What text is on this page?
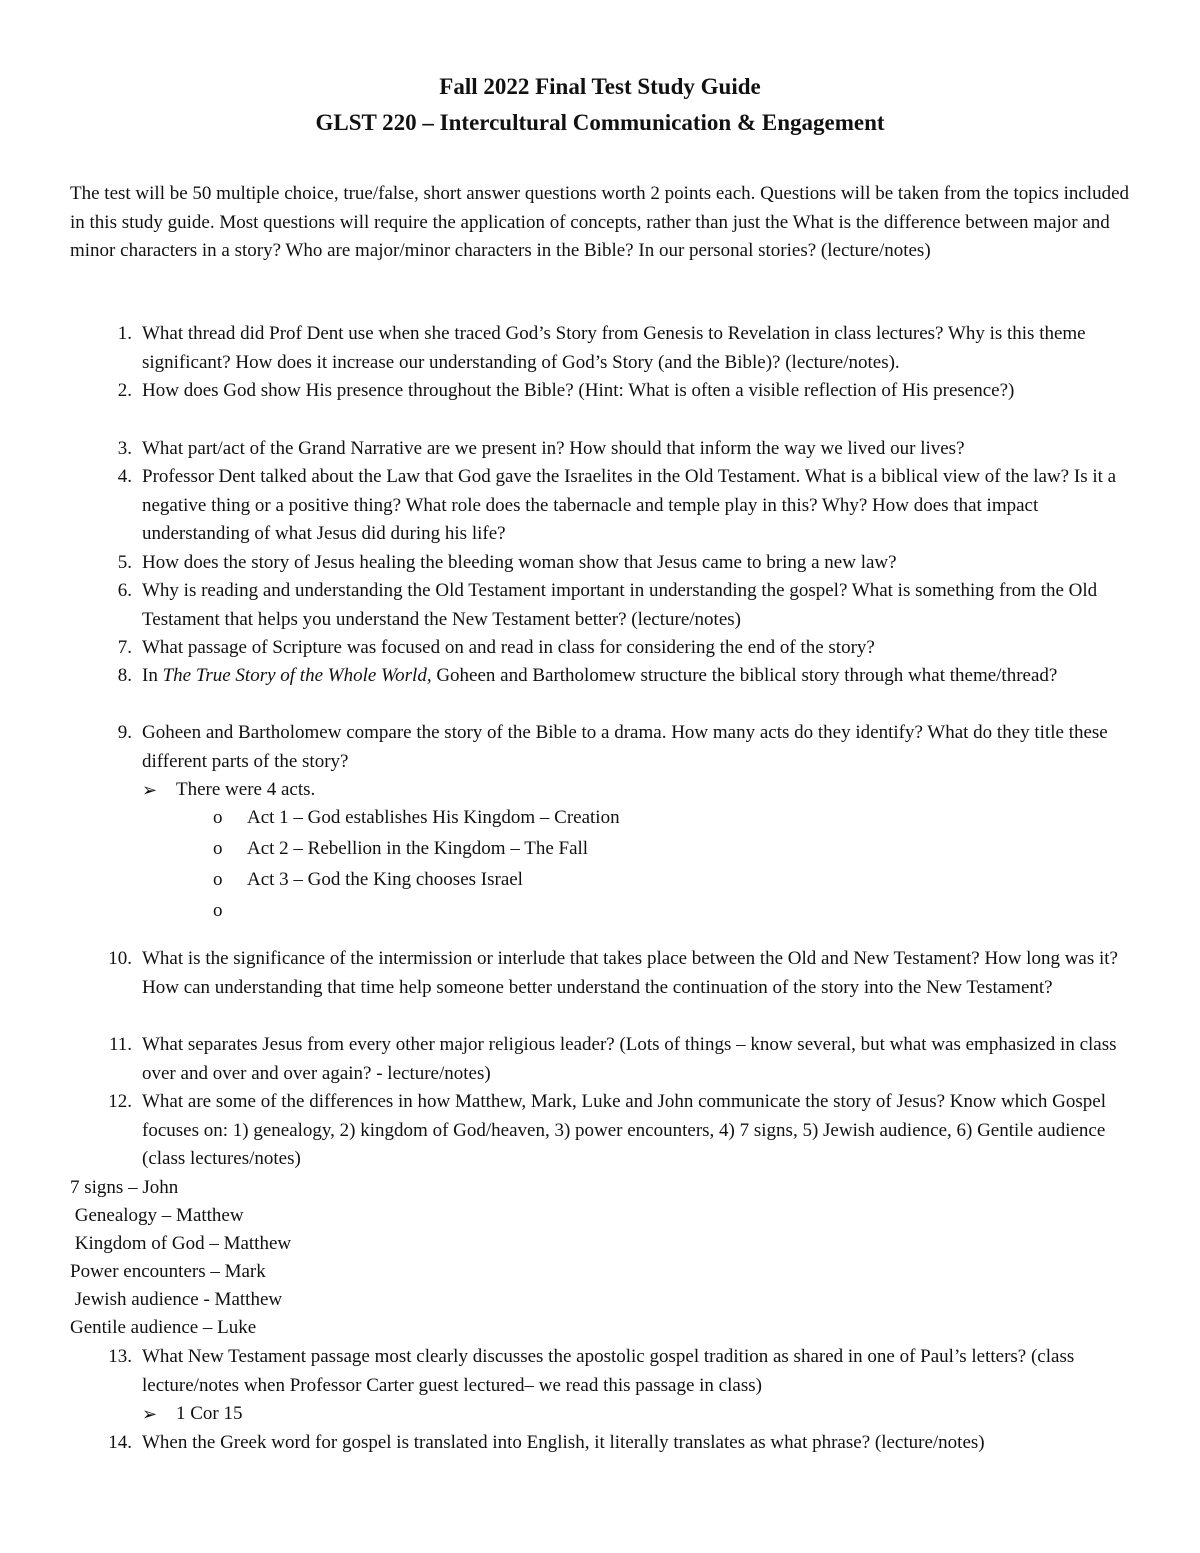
Fall 2022 Final Test Study Guide
GLST 220 – Intercultural Communication & Engagement
The test will be 50 multiple choice, true/false, short answer questions worth 2 points each. Questions will be taken from the topics included in this study guide. Most questions will require the application of concepts, rather than just the What is the difference between major and minor characters in a story? Who are major/minor characters in the Bible? In our personal stories? (lecture/notes)
1. What thread did Prof Dent use when she traced God’s Story from Genesis to Revelation in class lectures? Why is this theme significant? How does it increase our understanding of God’s Story (and the Bible)? (lecture/notes).
2. How does God show His presence throughout the Bible? (Hint: What is often a visible reflection of His presence?)
3. What part/act of the Grand Narrative are we present in? How should that inform the way we lived our lives?
4. Professor Dent talked about the Law that God gave the Israelites in the Old Testament. What is a biblical view of the law? Is it a negative thing or a positive thing? What role does the tabernacle and temple play in this? Why? How does that impact understanding of what Jesus did during his life?
5. How does the story of Jesus healing the bleeding woman show that Jesus came to bring a new law?
6. Why is reading and understanding the Old Testament important in understanding the gospel? What is something from the Old Testament that helps you understand the New Testament better? (lecture/notes)
7. What passage of Scripture was focused on and read in class for considering the end of the story?
8. In The True Story of the Whole World, Goheen and Bartholomew structure the biblical story through what theme/thread?
9. Goheen and Bartholomew compare the story of the Bible to a drama. How many acts do they identify? What do they title these different parts of the story?
➢ There were 4 acts.
o Act 1 – God establishes His Kingdom – Creation
o Act 2 – Rebellion in the Kingdom – The Fall
o Act 3 – God the King chooses Israel
o
10. What is the significance of the intermission or interlude that takes place between the Old and New Testament? How long was it? How can understanding that time help someone better understand the continuation of the story into the New Testament?
11. What separates Jesus from every other major religious leader? (Lots of things – know several, but what was emphasized in class over and over and over again? - lecture/notes)
12. What are some of the differences in how Matthew, Mark, Luke and John communicate the story of Jesus? Know which Gospel focuses on: 1) genealogy, 2) kingdom of God/heaven, 3) power encounters, 4) 7 signs, 5) Jewish audience, 6) Gentile audience (class lectures/notes)
7 signs – John
Genealogy – Matthew
Kingdom of God – Matthew
Power encounters – Mark
Jewish audience - Matthew
Gentile audience – Luke
13. What New Testament passage most clearly discusses the apostolic gospel tradition as shared in one of Paul’s letters? (class lecture/notes when Professor Carter guest lectured– we read this passage in class)
➢ 1 Cor 15
14. When the Greek word for gospel is translated into English, it literally translates as what phrase? (lecture/notes)
